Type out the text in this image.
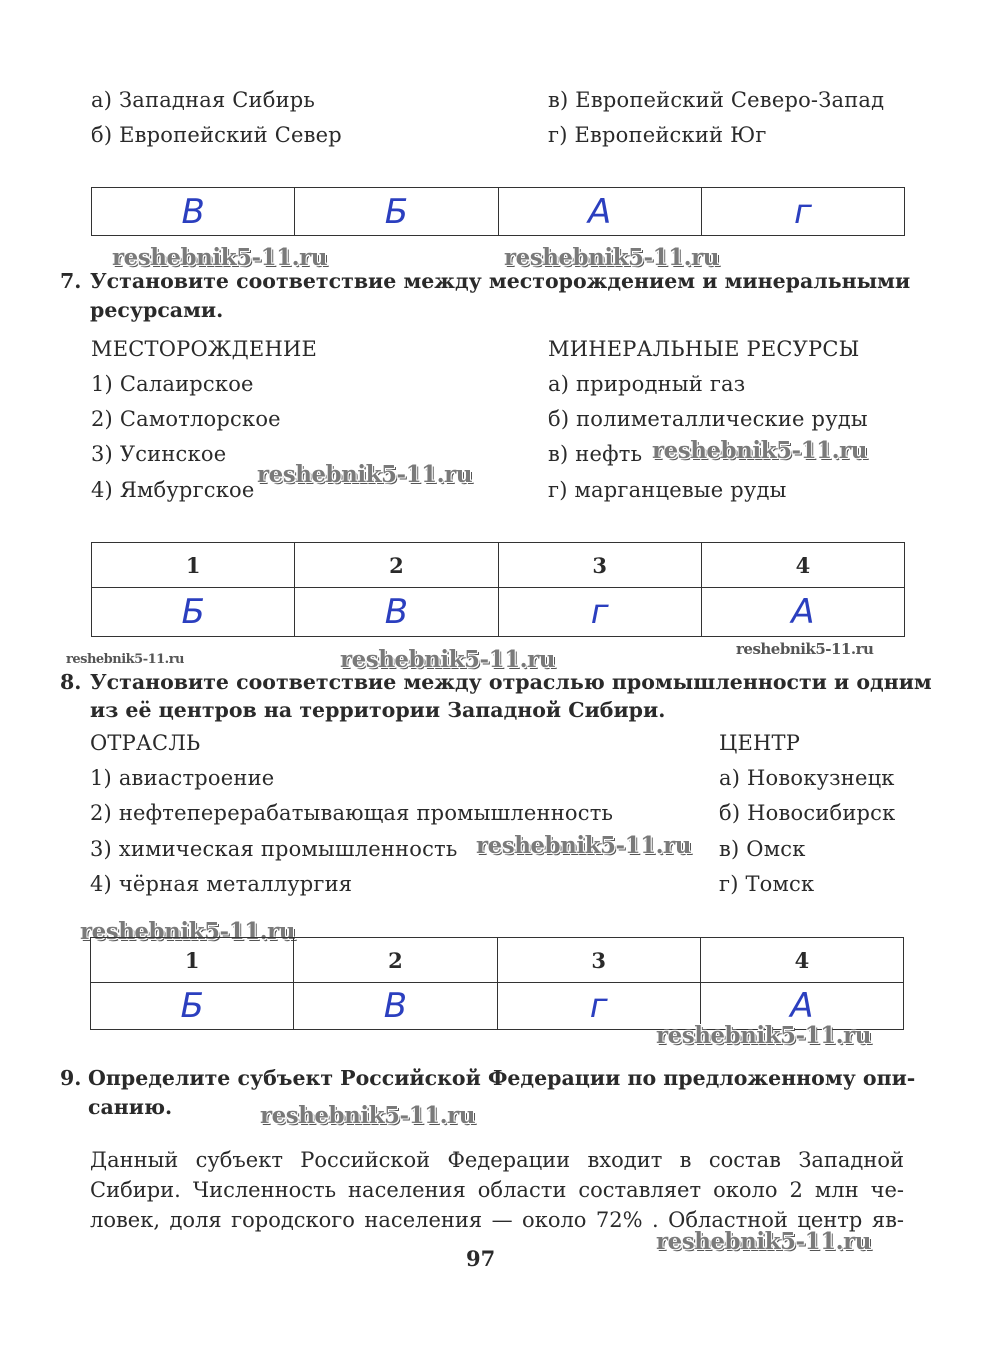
а) Западная Сибирь
б) Европейский Север
в) Европейский Северо-Запад
г) Европейский Юг
В	Б	А	г
reshebnik5-11.ru	reshebnik5-11.ru
7. Установите соответствие между месторождением и минеральными
ресурсами.
МЕСТОРОЖДЕНИЕ
1) Салаирское
2) Самотлорское
3) Усинское
4) Ямбургское
МИНЕРАЛЬНЫЕ РЕСУРСЫ
а) природный газ
б) полиметаллические руды
в) нефть
г) марганцевые руды
reshebnik5-11.ru
reshebnik5-11.ru
1	2	3	4
Б	В	г	А
reshebnik5-11.ru	reshebnik5-11.ru	reshebnik5-11.ru
8. Установите соответствие между отраслью промышленности и одним
из её центров на территории Западной Сибири.
ОТРАСЛЬ
1) авиастроение
2) нефтеперерабатывающая промышленность
3) химическая промышленность
4) чёрная металлургия
ЦЕНТР
а) Новокузнецк
б) Новосибирск
в) Омск
г) Томск
reshebnik5-11.ru
reshebnik5-11.ru
1	2	3	4
Б	В	г	А
reshebnik5-11.ru
9. Определите субъект Российской Федерации по предложенному опи-
санию.	reshebnik5-11.ru
Данный субъект Российской Федерации входит в состав Западной
Сибири. Численность населения области составляет около 2 млн че-
ловек, доля городского населения — около 72% . Областной центр яв-
reshebnik5-11.ru
97
